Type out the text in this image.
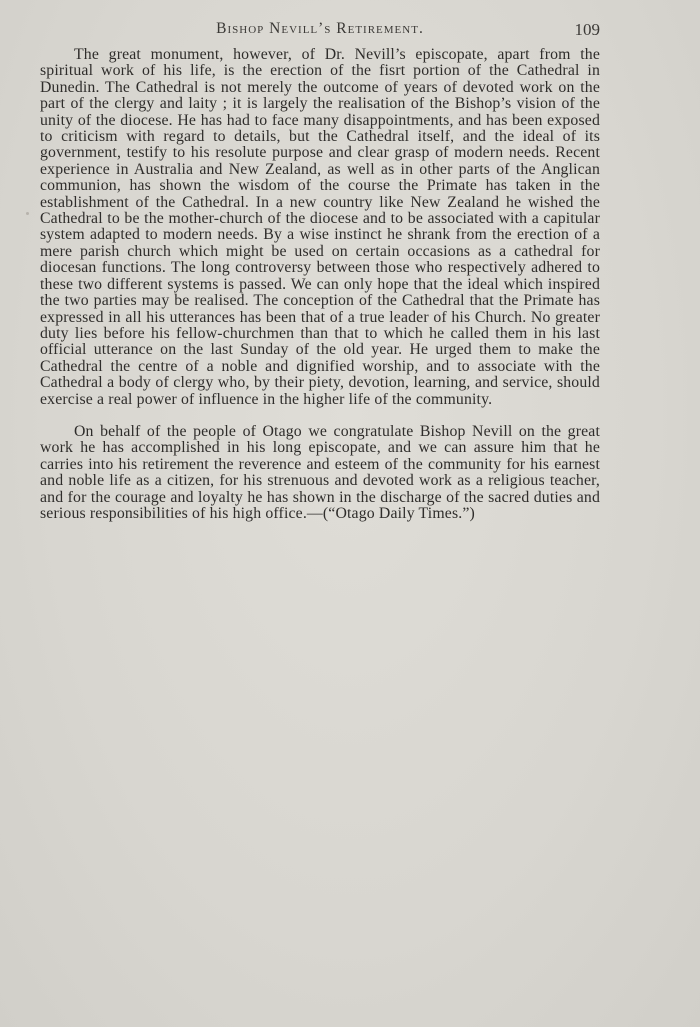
Bishop Nevill’s Retirement.	109

The great monument, however, of Dr. Nevill’s episcopate, apart from the spiritual work of his life, is the erection of the fisrt portion of the Cathedral in Dunedin. The Cathedral is not merely the outcome of years of devoted work on the part of the clergy and laity ; it is largely the realisation of the Bishop’s vision of the unity of the diocese. He has had to face many disappointments, and has been exposed to criticism with regard to details, but the Cathedral itself, and the ideal of its government, testify to his resolute purpose and clear grasp of modern needs. Recent experience in Australia and New Zealand, as well as in other parts of the Anglican communion, has shown the wisdom of the course the Primate has taken in the establishment of the Cathedral. In a new country like New Zealand he wished the Cathedral to be the mother-church of the diocese and to be associated with a capitular system adapted to modern needs. By a wise instinct he shrank from the erection of a mere parish church which might be used on certain occasions as a cathedral for diocesan functions. The long controversy between those who respectively adhered to these two different systems is passed. We can only hope that the ideal which inspired the two parties may be realised. The conception of the Cathedral that the Primate has expressed in all his utterances has been that of a true leader of his Church. No greater duty lies before his fellow-churchmen than that to which he called them in his last official utterance on the last Sunday of the old year. He urged them to make the Cathedral the centre of a noble and dignified worship, and to associate with the Cathedral a body of clergy who, by their piety, devotion, learning, and service, should exercise a real power of influence in the higher life of the community.

On behalf of the people of Otago we congratulate Bishop Nevill on the great work he has accomplished in his long episcopate, and we can assure him that he carries into his retirement the reverence and esteem of the community for his earnest and noble life as a citizen, for his strenuous and devoted work as a religious teacher, and for the courage and loyalty he has shown in the discharge of the sacred duties and serious responsibilities of his high office.—(“Otago Daily Times.”)
